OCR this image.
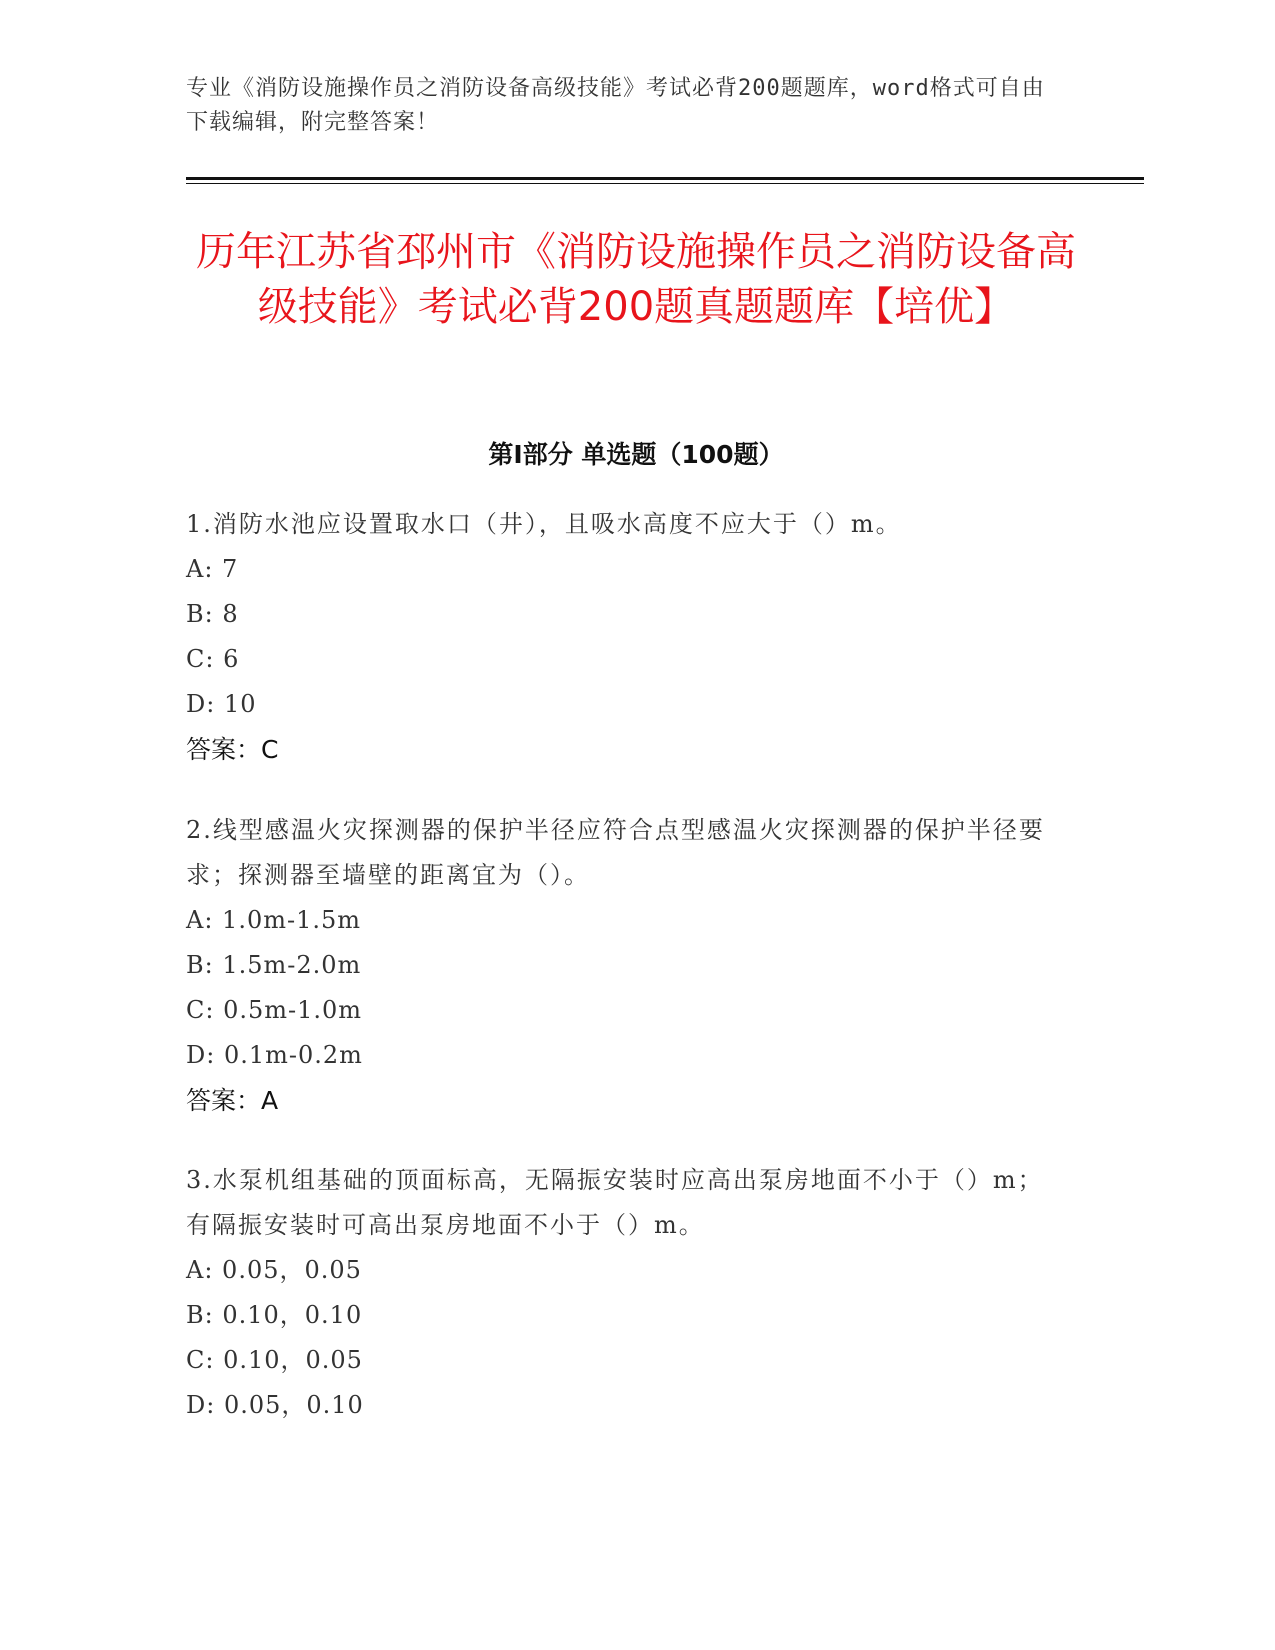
专业《消防设施操作员之消防设备高级技能》考试必背200题题库，word格式可自由下载编辑，附完整答案！
历年江苏省邳州市《消防设施操作员之消防设备高级技能》考试必背200题真题题库【培优】
第I部分 单选题（100题）

1.消防水池应设置取水口（井），且吸水高度不应大于（）m。

A: 7

B: 8

C: 6

D: 10

答案：C

2.线型感温火灾探测器的保护半径应符合点型感温火灾探测器的保护半径要求；探测器至墙壁的距离宜为（）。

A: 1.0m-1.5m

B: 1.5m-2.0m

C: 0.5m-1.0m

D: 0.1m-0.2m

答案：A

3.水泵机组基础的顶面标高，无隔振安装时应高出泵房地面不小于（）m；有隔振安装时可高出泵房地面不小于（）m。

A: 0.05，0.05

B: 0.10，0.10

C: 0.10，0.05

D: 0.05，0.10
